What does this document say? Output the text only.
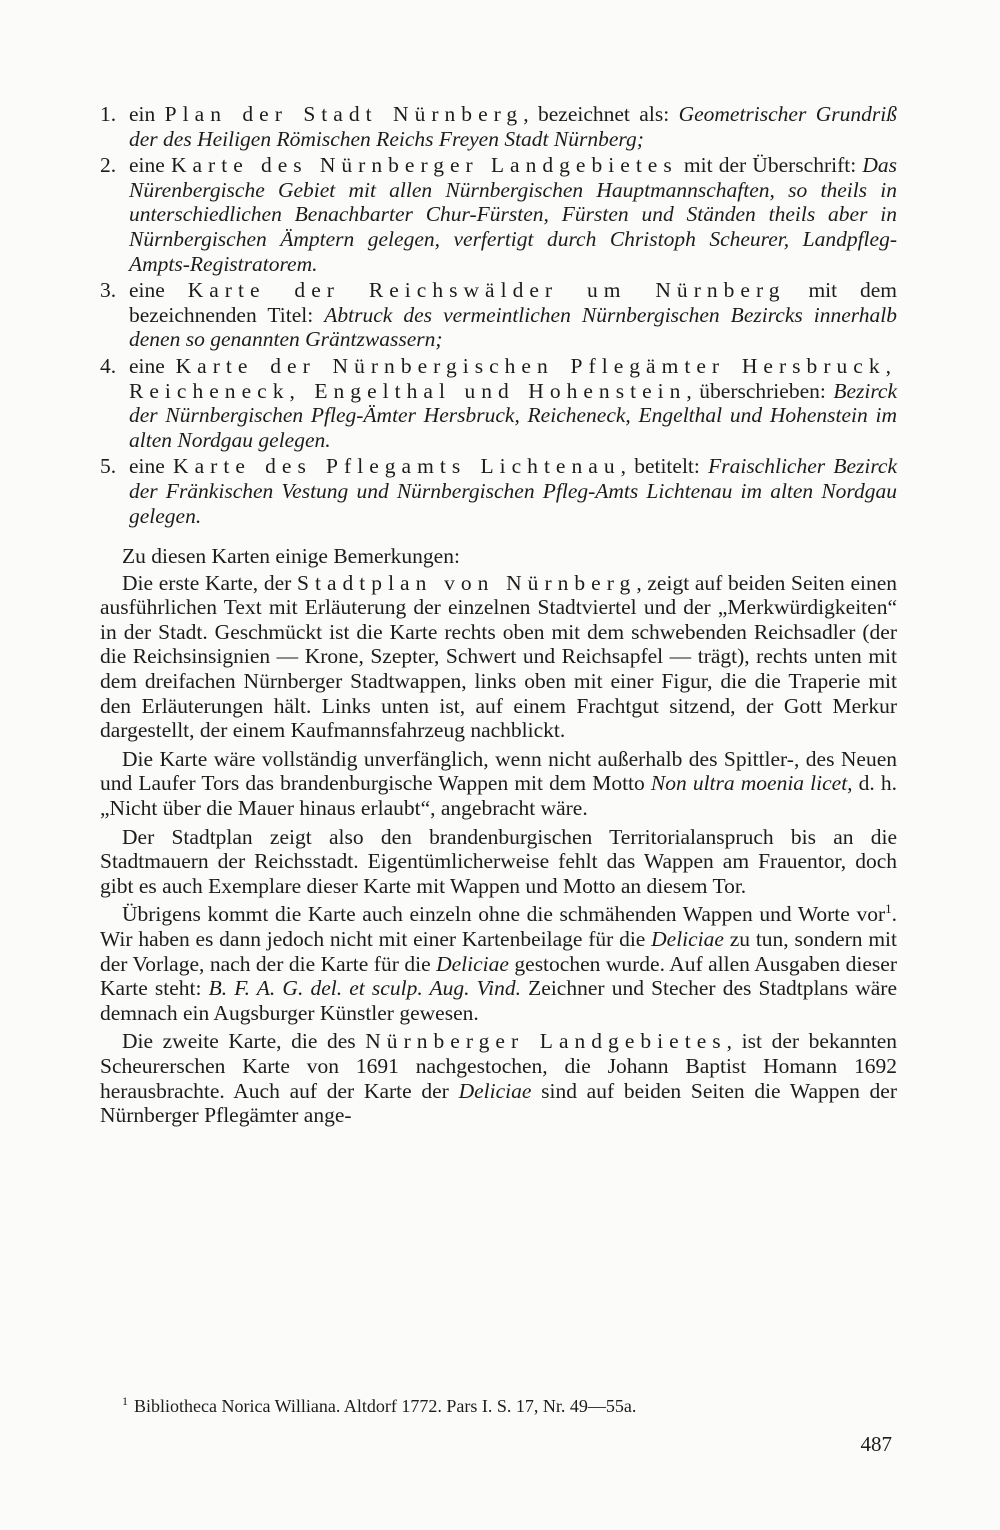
1. ein Plan der Stadt Nürnberg, bezeichnet als: Geometrischer Grundriß der des Heiligen Römischen Reichs Freyen Stadt Nürnberg;
2. eine Karte des Nürnberger Landgebietes mit der Überschrift: Das Nürenbergische Gebiet mit allen Nürnbergischen Hauptmannschaften, so theils in unterschiedlichen Benachbarter Chur-Fürsten, Fürsten und Ständen theils aber in Nürnbergischen Ämptern gelegen, verfertigt durch Christoph Scheurer, Landpfleg-Ampts-Registratorem.
3. eine Karte der Reichswälder um Nürnberg mit dem bezeichnenden Titel: Abtruck des vermeintlichen Nürnbergischen Bezircks innerhalb denen so genannten Gräntzwassern;
4. eine Karte der Nürnbergischen Pflegämter Hersbruck, Reicheneck, Engelthal und Hohenstein, überschrieben: Bezirck der Nürnbergischen Pfleg-Ämter Hersbruck, Reicheneck, Engelthal und Hohenstein im alten Nordgau gelegen.
5. eine Karte des Pflegamts Lichtenau, betitelt: Fraischlicher Bezirck der Fränkischen Vestung und Nürnbergischen Pfleg-Amts Lichtenau im alten Nordgau gelegen.

Zu diesen Karten einige Bemerkungen:

Die erste Karte, der Stadtplan von Nürnberg, zeigt auf beiden Seiten einen ausführlichen Text mit Erläuterung der einzelnen Stadtviertel und der „Merkwürdigkeiten“ in der Stadt. Geschmückt ist die Karte rechts oben mit dem schwebenden Reichsadler (der die Reichsinsignien — Krone, Szepter, Schwert und Reichsapfel — trägt), rechts unten mit dem dreifachen Nürnberger Stadtwappen, links oben mit einer Figur, die die Traperie mit den Erläuterungen hält. Links unten ist, auf einem Frachtgut sitzend, der Gott Merkur dargestellt, der einem Kaufmannsfahrzeug nachblickt.

Die Karte wäre vollständig unverfänglich, wenn nicht außerhalb des Spittler-, des Neuen und Laufer Tors das brandenburgische Wappen mit dem Motto Non ultra moenia licet, d. h. „Nicht über die Mauer hinaus erlaubt“, angebracht wäre.

Der Stadtplan zeigt also den brandenburgischen Territorialanspruch bis an die Stadtmauern der Reichsstadt. Eigentümlicherweise fehlt das Wappen am Frauentor, doch gibt es auch Exemplare dieser Karte mit Wappen und Motto an diesem Tor.

Übrigens kommt die Karte auch einzeln ohne die schmähenden Wappen und Worte vor$^1$. Wir haben es dann jedoch nicht mit einer Kartenbeilage für die Deliciae zu tun, sondern mit der Vorlage, nach der die Karte für die Deliciae gestochen wurde. Auf allen Ausgaben dieser Karte steht: B. F. A. G. del. et sculp. Aug. Vind. Zeichner und Stecher des Stadtplans wäre demnach ein Augsburger Künstler gewesen.

Die zweite Karte, die des Nürnberger Landgebietes, ist der bekannten Scheurerschen Karte von 1691 nachgestochen, die Johann Baptist Homann 1692 herausbrachte. Auch auf der Karte der Deliciae sind auf beiden Seiten die Wappen der Nürnberger Pflegämter ange-

$^1$ Bibliotheca Norica Williana. Altdorf 1772. Pars I. S. 17, Nr. 49—55a.
487
